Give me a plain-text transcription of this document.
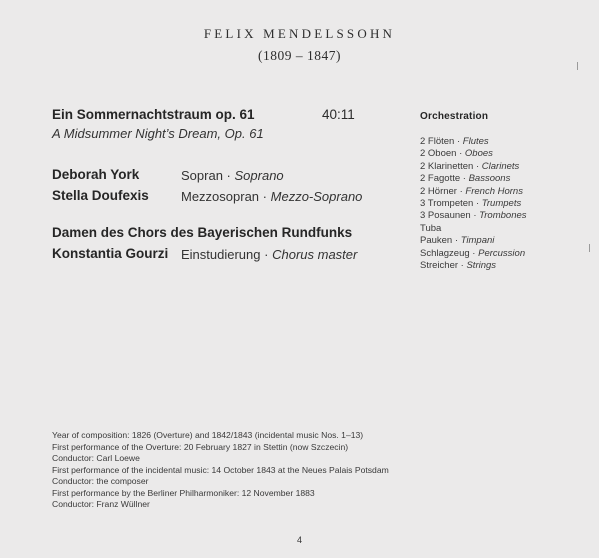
FELIX MENDELSSOHN
(1809 – 1847)
Ein Sommernachtstraum op. 61	40:11
A Midsummer Night’s Dream, Op. 61
Deborah York	Sopran · Soprano
Stella Doufexis Mezzosopran · Mezzo-Soprano
Damen des Chors des Bayerischen Rundfunks
Konstantia Gourzi Einstudierung · Chorus master
Orchestration
2 Flöten · Flutes
2 Oboen · Oboes
2 Klarinetten · Clarinets
2 Fagotte · Bassoons
2 Hörner · French Horns
3 Trompeten · Trumpets
3 Posaunen · Trombones
Tuba
Pauken · Timpani
Schlagzeug · Percussion
Streicher · Strings
Year of composition: 1826 (Overture) and 1842/1843 (incidental music Nos. 1–13)
First performance of the Overture: 20 February 1827 in Stettin (now Szczecin)
Conductor: Carl Loewe
First performance of the incidental music: 14 October 1843 at the Neues Palais Potsdam
Conductor: the composer
First performance by the Berliner Philharmoniker: 12 November 1883
Conductor: Franz Wüllner
4
